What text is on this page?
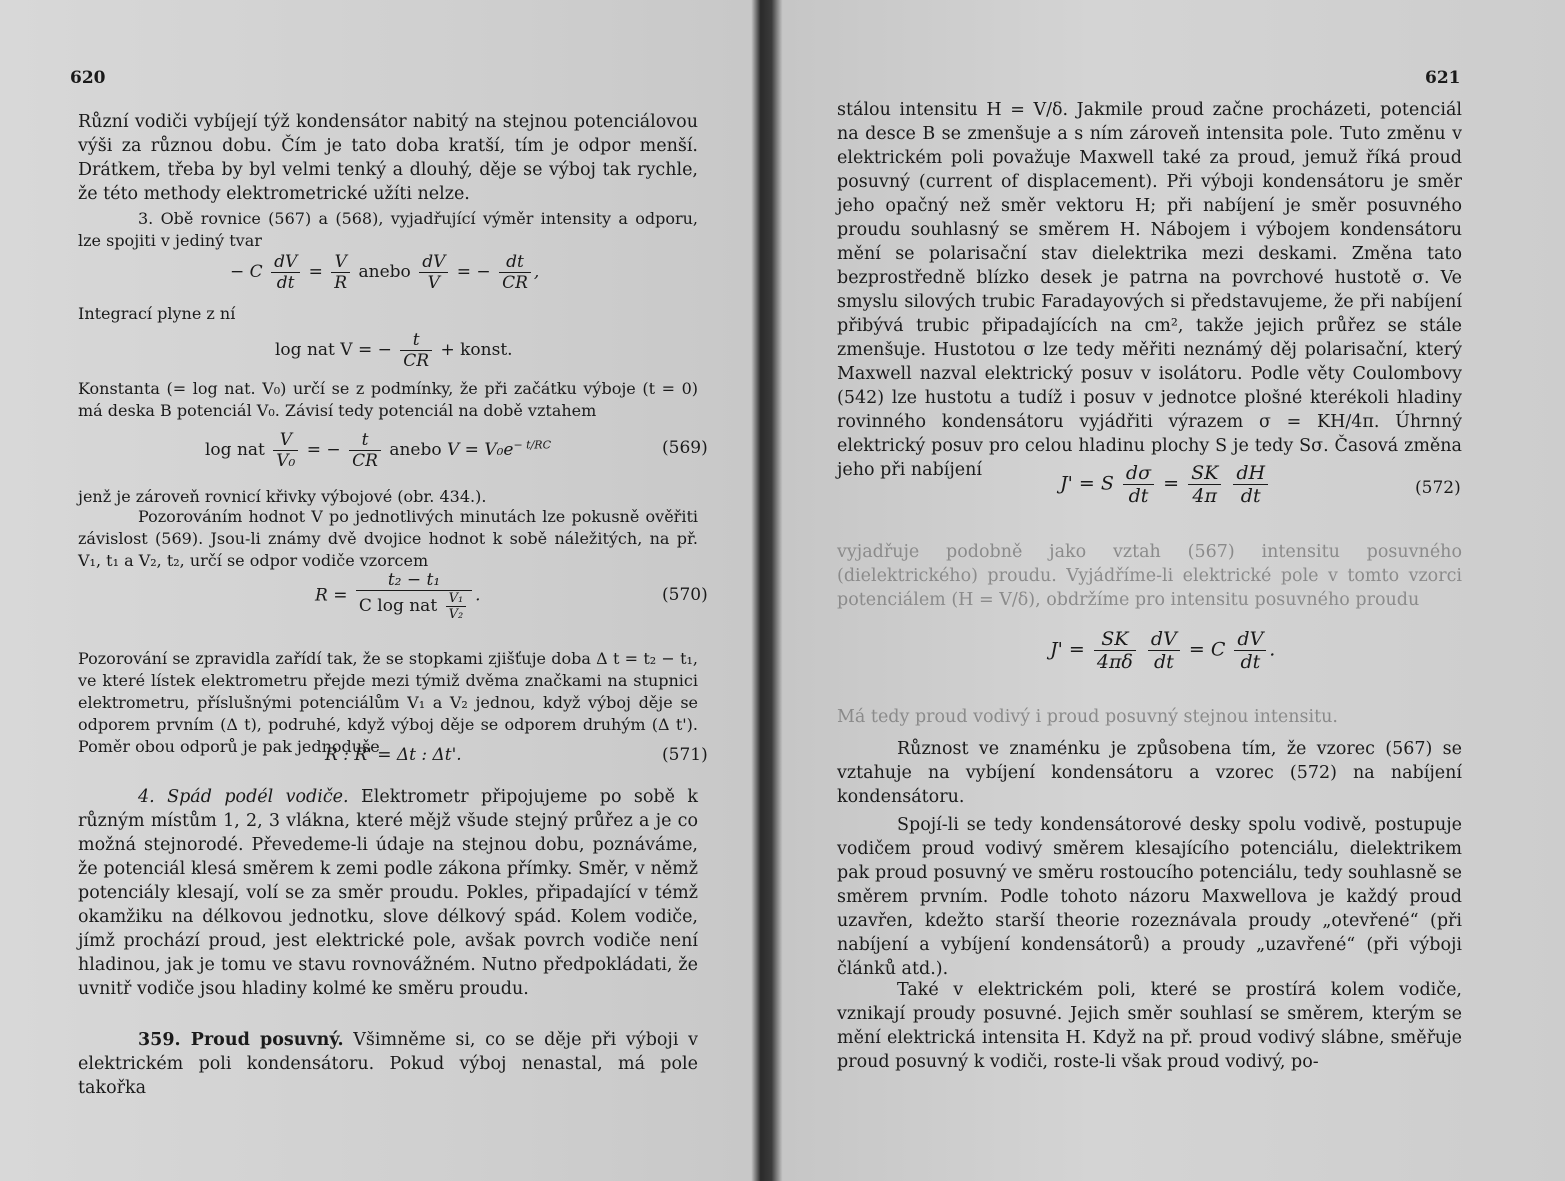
620
Různí vodiči vybíjejí týž kondensátor nabitý na stejnou potenciálovou výši za různou dobu. Čím je tato doba kratší, tím je odpor menší. Drátkem, třeba by byl velmi tenký a dlouhý, děje se výboj tak rychle, že této methody elektrometrické užíti nelze.
3. Obě rovnice (567) a (568), vyjadřující výměr intensity a odporu, lze spojiti v jediný tvar
− C $\frac{dV}{dt} = \frac{V}{R}$ anebo $\frac{dV}{V}$ = − $\frac{dt}{CR}$ ,
Integrací plyne z ní
log nat V = − $\frac{t}{CR}$ + konst.
Konstanta (= log nat. V₀) určí se z podmínky, že při začátku výboje (t = 0) má deska B potenciál V₀. Závisí tedy potenciál na době vztahem
log nat $\frac{V}{\text{V₀}}$ = − $\frac{t}{CR}$ anebo $V = V_0e^{- t/RC}$	(569)
jenž je zároveň rovnicí křivky výbojové (obr. 434.).
Pozorováním hodnot V po jednotlivých minutách lze pokusně ověřiti závislost (569). Jsou-li známy dvě dvojice hodnot k sobě náležitých, na př. V₁, t₁ a V₂, t₂, určí se odpor vodiče vzorcem
$R = \frac{\text{t₂ − t₁}}{C \log nat \frac{\text{V₁}}{\text{V₂}}}$ .	(570)
Pozorování se zpravidla zařídí tak, že se stopkami zjišťuje doba Δ t = t₂ − t₁, ve které lístek elektrometru přejde mezi týmiž dvěma značkami na stupnici elektrometru, příslušnými potenciálům V₁ a V₂ jednou, když výboj děje se odporem prvním (Δ t), podruhé, když výboj děje se odporem druhým (Δ t'). Poměr obou odporů je pak jednoduše
R : R' = Δt : Δt'.	(571)
4. Spád podél vodiče. Elektrometr připojujeme po sobě k různým místům 1, 2, 3 vlákna, které mějž všude stejný průřez a je co možná stejnorodé. Převedeme-li údaje na stejnou dobu, poznáváme, že potenciál klesá směrem k zemi podle zákona přímky. Směr, v němž potenciály klesají, volí se za směr proudu. Pokles, připadající v témž okamžiku na délkovou jednotku, slove délkový spád. Kolem vodiče, jímž prochází proud, jest elektrické pole, avšak povrch vodiče není hladinou, jak je tomu ve stavu rovnovážném. Nutno předpokládati, že uvnitř vodiče jsou hladiny kolmé ke směru proudu.
359. Proud posuvný. Všimněme si, co se děje při výboji v elektrickém poli kondensátoru. Pokud výboj nenastal, má pole takořka
621
stálou intensitu H = V/δ. Jakmile proud začne procházeti, potenciál na desce B se zmenšuje a s ním zároveň intensita pole. Tuto změnu v elektrickém poli považuje Maxwell také za proud, jemuž říká proud posuvný (current of displacement). Při výboji kondensátoru je směr jeho opačný než směr vektoru H; při nabíjení je směr posuvného proudu souhlasný se směrem H. Nábojem i výbojem kondensátoru mění se polarisační stav dielektrika mezi deskami. Změna tato bezprostředně blízko desek je patrna na povrchové hustotě σ. Ve smyslu silových trubic Faradayových si představujeme, že při nabíjení přibývá trubic připadajících na cm², takže jejich průřez se stále zmenšuje. Hustotou σ lze tedy měřiti neznámý děj polarisační, který Maxwell nazval elektrický posuv v isolátoru. Podle věty Coulombovy (542) lze hustotu a tudíž i posuv v jednotce plošné kterékoli hladiny rovinného kondensátoru vyjádřiti výrazem σ = KH/4π. Úhrnný elektrický posuv pro celou hladinu plochy S je tedy Sσ. Časová změna jeho při nabíjení
J' = S $\frac{d\sigma}{dt} = \frac{SK}{4\pi}$
$\frac{dH}{dt}$	(572)
vyjadřuje podobně jako vztah (567) intensitu posuvného (dielektrického) proudu. Vyjádříme-li elektrické pole v tomto vzorci potenciálem (H = V/δ), obdržíme pro intensitu posuvného proudu
$J' = \frac{SK}{4\pi\delta}$
$\frac{dV}{dt} = C \frac{dV}{dt}$ .
Má tedy proud vodivý i proud posuvný stejnou intensitu.
Různost ve znaménku je způsobena tím, že vzorec (567) se vztahuje na vybíjení kondensátoru a vzorec (572) na nabíjení kondensátoru.
Spojí-li se tedy kondensátorové desky spolu vodivě, postupuje vodičem proud vodivý směrem klesajícího potenciálu, dielektrikem pak proud posuvný ve směru rostoucího potenciálu, tedy souhlasně se směrem prvním. Podle tohoto názoru Maxwellova je každý proud uzavřen, kdežto starší theorie rozeznávala proudy „otevřené“ (při nabíjení a vybíjení kondensátorů) a proudy „uzavřené“ (při výboji článků atd.).
Také v elektrickém poli, které se prostírá kolem vodiče, vznikají proudy posuvné. Jejich směr souhlasí se směrem, kterým se mění elektrická intensita H. Když na př. proud vodivý slábne, směřuje proud posuvný k vodiči, roste-li však proud vodivý, po-
